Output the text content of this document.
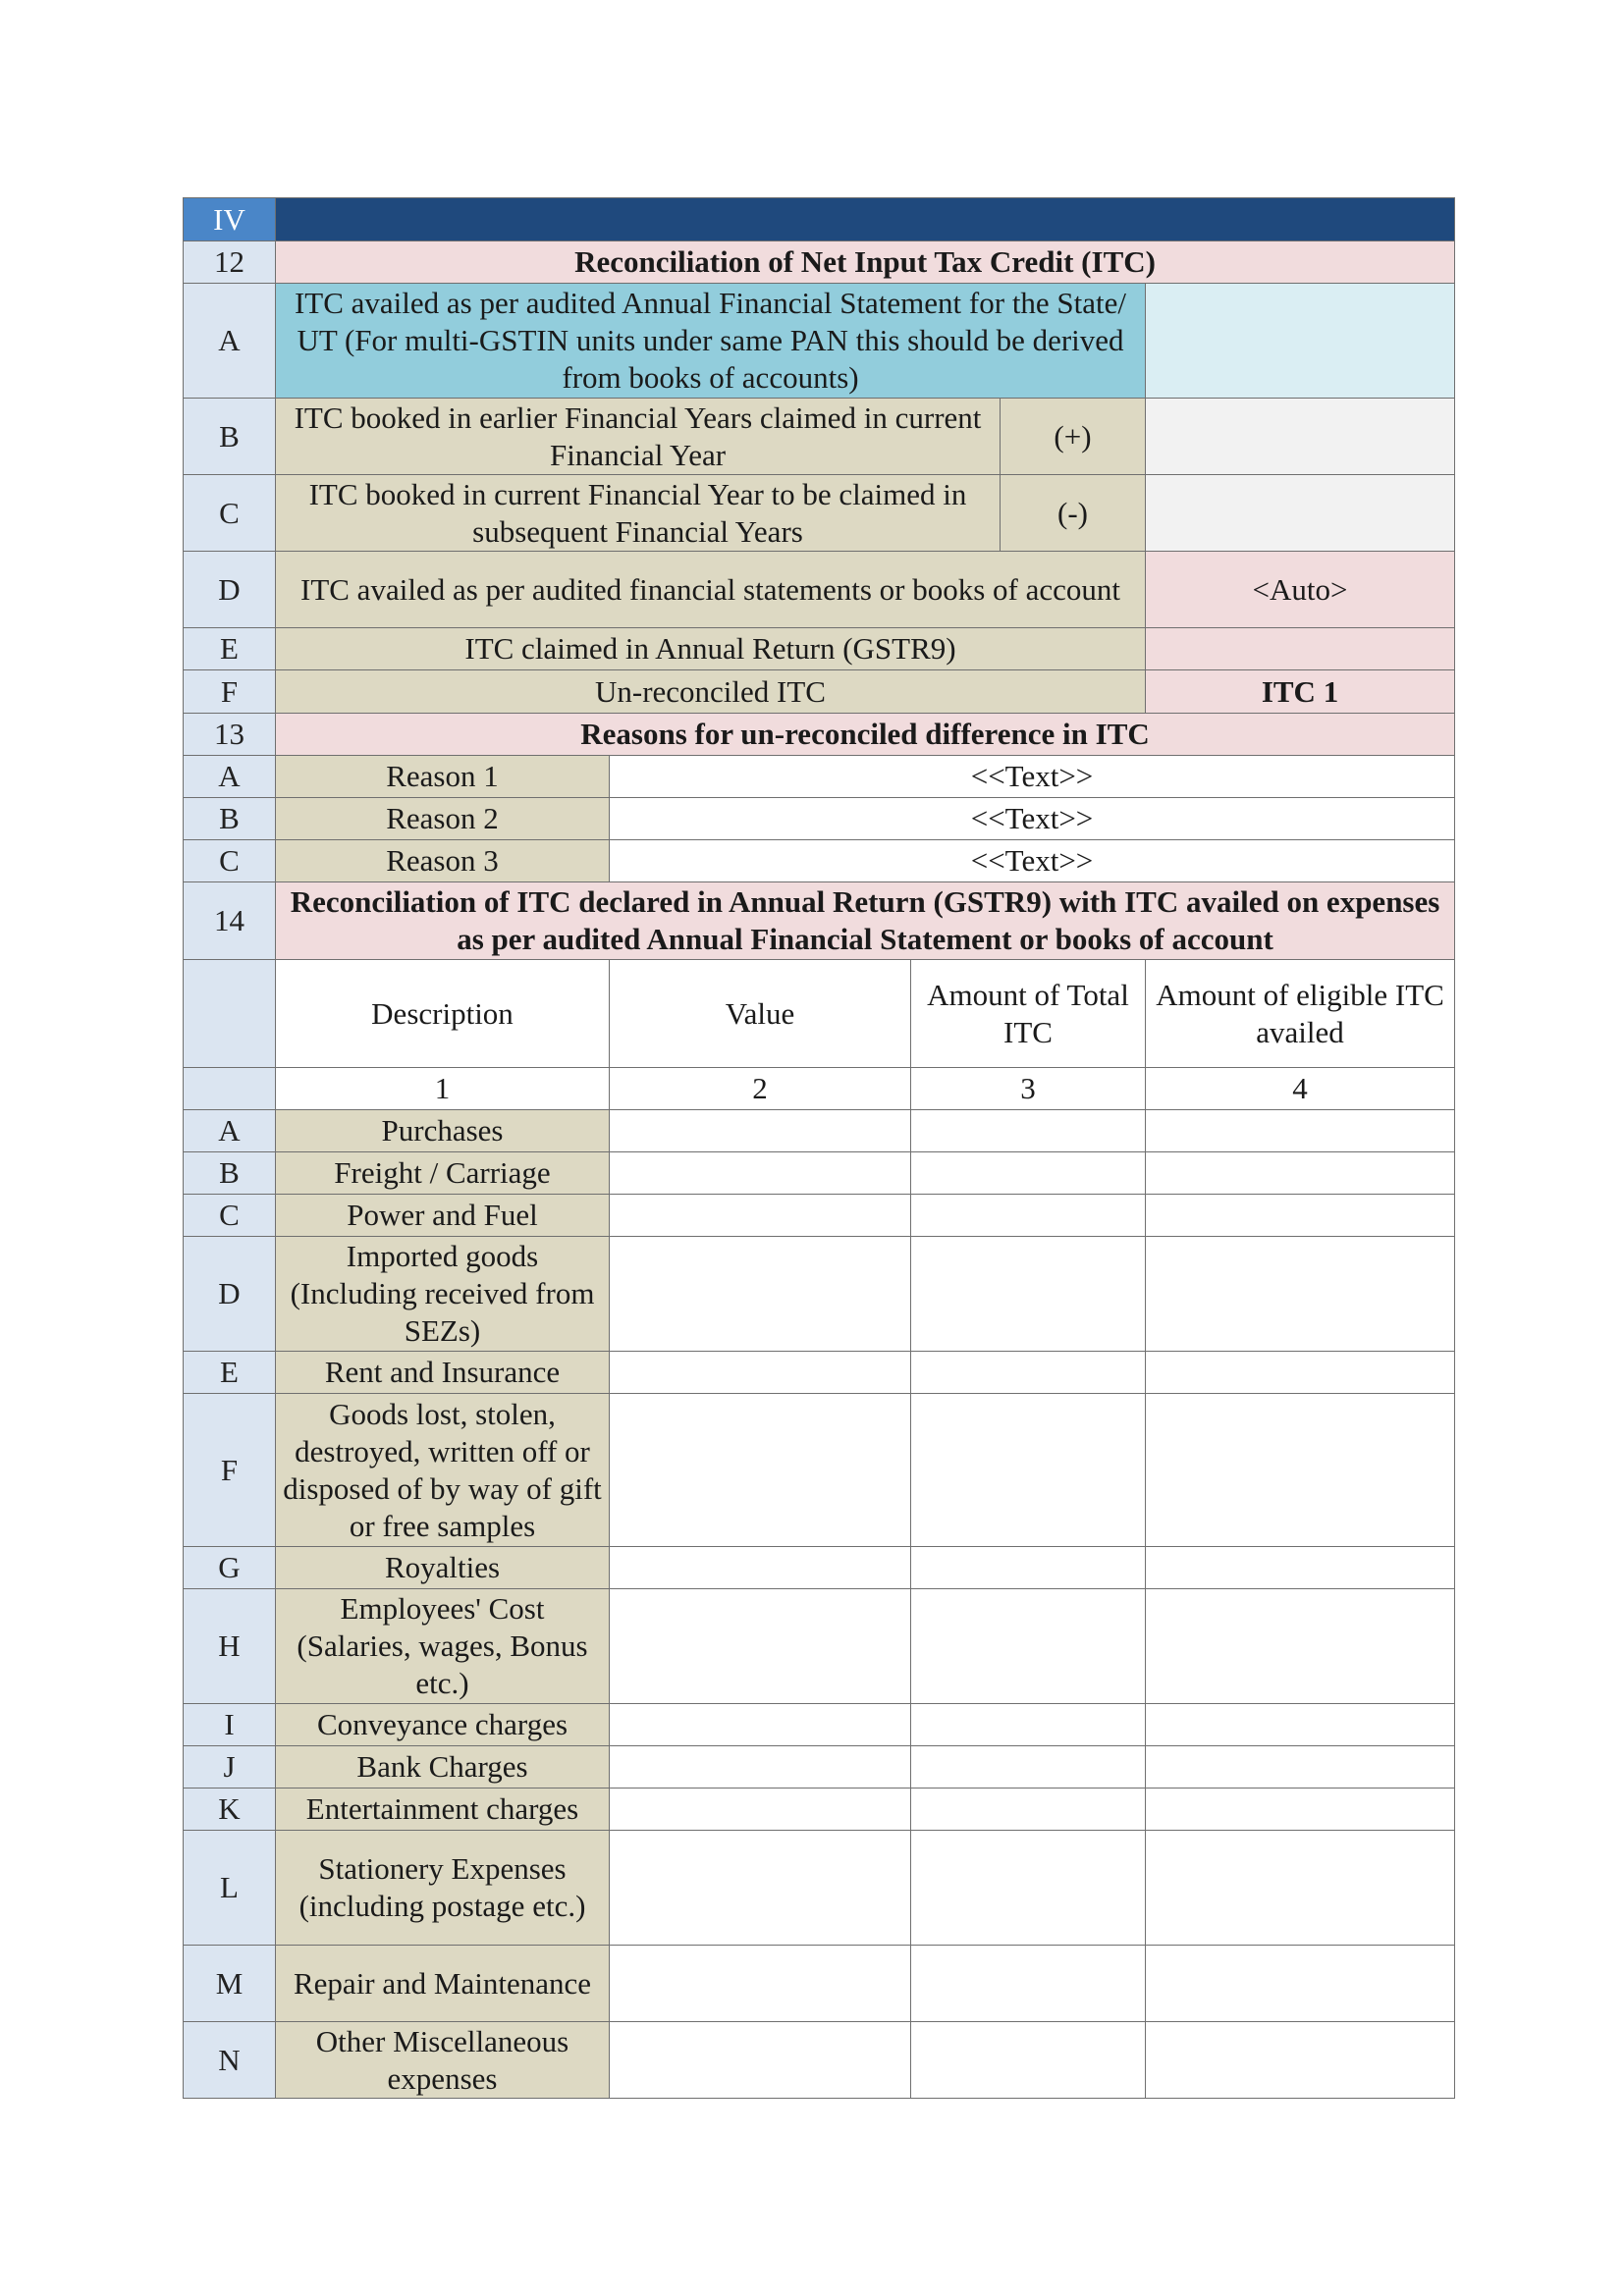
IV					
12	Reconciliation of Net Input Tax Credit (ITC)				
A	ITC availed as per audited Annual Financial Statement for the State/ UT (For multi-GSTIN units under same PAN this should be derived from books of accounts)				
B	ITC booked in earlier Financial Years claimed in current Financial Year			(+)	
C	ITC booked in current Financial Year to be claimed in subsequent Financial Years			(-)	
D	ITC availed as per audited financial statements or books of account				<Auto>
E	ITC claimed in Annual Return (GSTR9)				
F	Un-reconciled ITC				ITC 1
13	Reasons for un-reconciled difference in ITC				
A	Reason 1	<<Text>>			
B	Reason 2	<<Text>>			
C	Reason 3	<<Text>>			
14	Reconciliation of ITC declared in Annual Return (GSTR9) with ITC availed on expenses as per audited Annual Financial Statement or books of account				
	Description	Value	Amount of Total ITC		Amount of eligible ITC availed
	1	2	3		4
A	Purchases				
B	Freight / Carriage				
C	Power and Fuel				
D	Imported goods (Including received from SEZs)				
E	Rent and Insurance				
F	Goods lost, stolen, destroyed, written off or disposed of by way of gift or free samples				
G	Royalties				
H	Employees' Cost (Salaries, wages, Bonus etc.)				
I	Conveyance charges				
J	Bank Charges				
K	Entertainment charges				
L	Stationery Expenses (including postage etc.)				
M	Repair and Maintenance				
N	Other Miscellaneous expenses				
